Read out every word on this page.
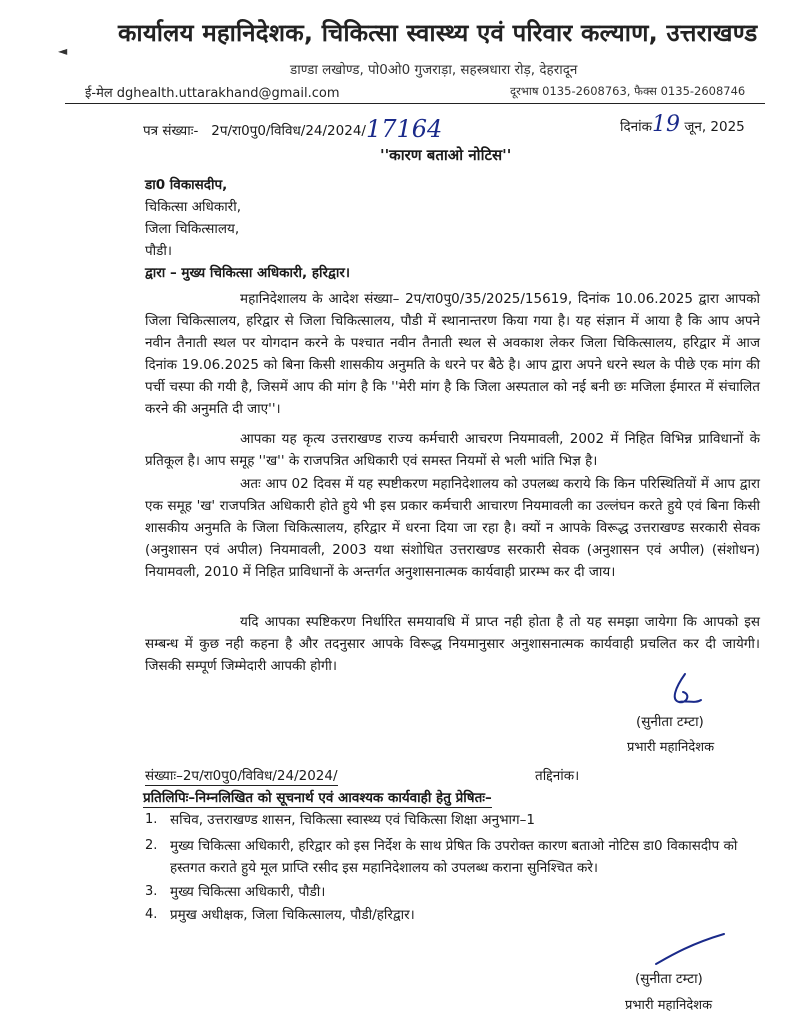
◄
कार्यालय महानिदेशक, चिकित्सा स्वास्थ्य एवं परिवार कल्याण, उत्तराखण्ड
डाण्डा लखोण्ड, पो0ओ0 गुजराड़ा, सहस्त्रधारा रोड़, देहरादून
ई-मेल dghealth.uttarakhand@gmail.com	दूरभाष 0135-2608763, फैक्स 0135-2608746
पत्र संख्याः- 2प/रा0पु0/विविध/24/2024/17164	दिनांक19 जून, 2025
''कारण बताओ नोटिस''
डा0 विकासदीप,
चिकित्सा अधिकारी,
जिला चिकित्सालय,
पौडी।
द्वारा – मुख्य चिकित्सा अधिकारी, हरिद्वार।
महानिदेशालय के आदेश संख्या– 2प/रा0पु0/35/2025/15619, दिनांक 10.06.2025 द्वारा आपको जिला चिकित्सालय, हरिद्वार से जिला चिकित्सालय, पौडी में स्थानान्तरण किया गया है। यह संज्ञान में आया है कि आप अपने नवीन तैनाती स्थल पर योगदान करने के पश्चात नवीन तैनाती स्थल से अवकाश लेकर जिला चिकित्सालय, हरिद्वार में आज दिनांक 19.06.2025 को बिना किसी शासकीय अनुमति के धरने पर बैठे है। आप द्वारा अपने धरने स्थल के पीछे एक मांग की पर्ची चस्पा की गयी है, जिसमें आप की मांग है कि ''मेरी मांग है कि जिला अस्पताल को नई बनी छः मजिला ईमारत में संचालित करने की अनुमति दी जाए''।
आपका यह कृत्य उत्तराखण्ड राज्य कर्मचारी आचरण नियमावली, 2002 में निहित विभिन्न प्राविधानों के प्रतिकूल है। आप समूह ''ख'' के राजपत्रित अधिकारी एवं समस्त नियमों से भली भांति भिज्ञ है।
अतः आप 02 दिवस में यह स्पष्टीकरण महानिदेशालय को उपलब्ध कराये कि किन परिस्थितियों में आप द्वारा एक समूह 'ख' राजपत्रित अधिकारी होते हुये भी इस प्रकार कर्मचारी आचारण नियमावली का उल्लंघन करते हुये एवं बिना किसी शासकीय अनुमति के जिला चिकित्सालय, हरिद्वार में धरना दिया जा रहा है। क्यों न आपके विरूद्ध उत्तराखण्ड सरकारी सेवक (अनुशासन एवं अपील) नियमावली, 2003 यथा संशोधित उत्तराखण्ड सरकारी सेवक (अनुशासन एवं अपील) (संशोधन) नियामवली, 2010 में निहित प्राविधानों के अन्तर्गत अनुशासनात्मक कार्यवाही प्रारम्भ कर दी जाय।
यदि आपका स्पष्टिकरण निर्धारित समयावधि में प्राप्त नही होता है तो यह समझा जायेगा कि आपको इस सम्बन्ध में कुछ नही कहना है और तदनुसार आपके विरूद्ध नियमानुसार अनुशासनात्मक कार्यवाही प्रचलित कर दी जायेगी। जिसकी सम्पूर्ण जिम्मेदारी आपकी होगी।
(सुनीता टम्टा)
प्रभारी महानिदेशक
संख्याः–2प/रा0पु0/विविध/24/2024/	तद्दिनांक।
प्रतिलिपिः–निम्नलिखित को सूचनार्थ एवं आवश्यक कार्यवाही हेतु प्रेषितः–
1. सचिव, उत्तराखण्ड शासन, चिकित्सा स्वास्थ्य एवं चिकित्सा शिक्षा अनुभाग–1
2. मुख्य चिकित्सा अधिकारी, हरिद्वार को इस निर्देश के साथ प्रेषित कि उपरोक्त कारण बताओ नोटिस डा0 विकासदीप को हस्तगत कराते हुये मूल प्राप्ति रसीद इस महानिदेशालय को उपलब्ध कराना सुनिश्चित करे।
3. मुख्य चिकित्सा अधिकारी, पौडी।
4. प्रमुख अधीक्षक, जिला चिकित्सालय, पौडी/हरिद्वार।
(सुनीता टम्टा)
प्रभारी महानिदेशक
